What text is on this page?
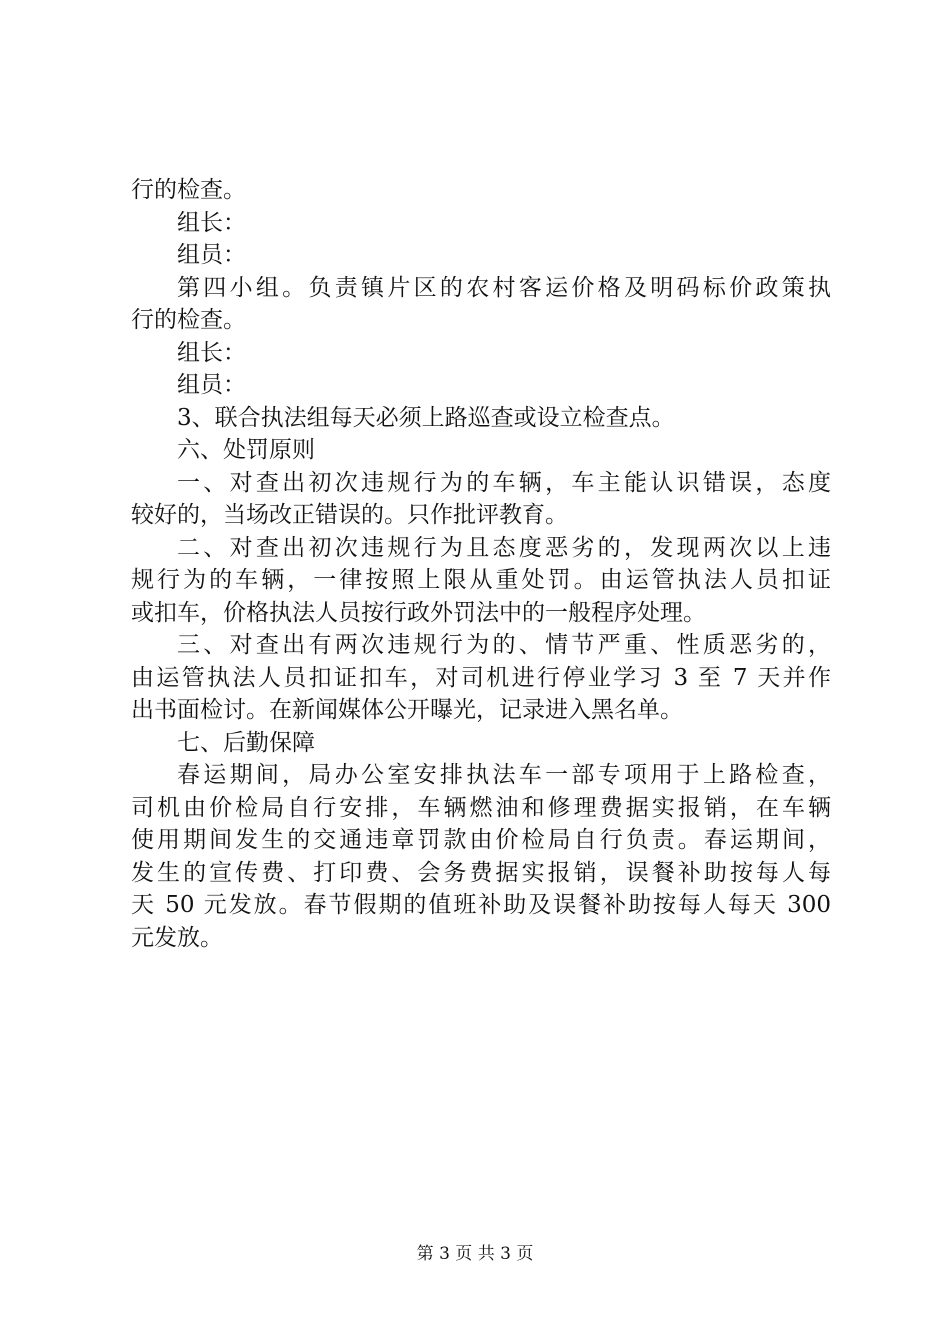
行的检查。
组长：
组员：
第四小组。负责镇片区的农村客运价格及明码标价政策执
行的检查。
组长：
组员：
3、联合执法组每天必须上路巡查或设立检查点。
六、处罚原则
一、对查出初次违规行为的车辆，车主能认识错误，态度
较好的，当场改正错误的。只作批评教育。
二、对查出初次违规行为且态度恶劣的，发现两次以上违
规行为的车辆，一律按照上限从重处罚。由运管执法人员扣证
或扣车，价格执法人员按行政外罚法中的一般程序处理。
三、对查出有两次违规行为的、情节严重、性质恶劣的，
由运管执法人员扣证扣车，对司机进行停业学习 3 至 7 天并作
出书面检讨。在新闻媒体公开曝光，记录进入黑名单。
七、后勤保障
春运期间，局办公室安排执法车一部专项用于上路检查，
司机由价检局自行安排，车辆燃油和修理费据实报销，在车辆
使用期间发生的交通违章罚款由价检局自行负责。春运期间，
发生的宣传费、打印费、会务费据实报销，误餐补助按每人每
天 50 元发放。春节假期的值班补助及误餐补助按每人每天 300
元发放。
第 3 页 共 3 页
